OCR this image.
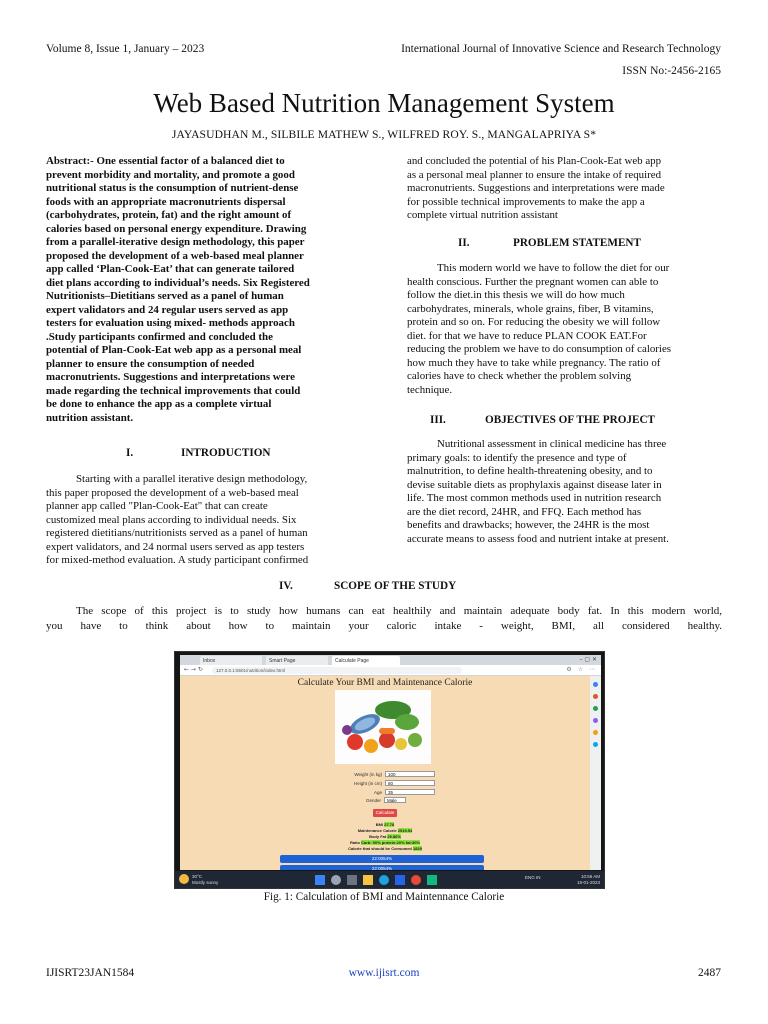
Volume 8, Issue 1, January – 2023	International Journal of Innovative Science and Research Technology
ISSN No:-2456-2165
Web Based Nutrition Management System
JAYASUDHAN M., SILBILE MATHEW S., WILFRED ROY. S., MANGALAPRIYA S*
Abstract:- One essential factor of a balanced diet to
prevent morbidity and mortality, and promote a good
nutritional status is the consumption of nutrient-dense
foods with an appropriate macronutrients dispersal
(carbohydrates, protein, fat) and the right amount of
calories based on personal energy expenditure. Drawing
from a parallel-iterative design methodology, this paper
proposed the development of a web-based meal planner
app called ‘Plan-Cook-Eat’ that can generate tailored
diet plans according to individual’s needs. Six Registered
Nutritionists–Dietitians served as a panel of human
expert validators and 24 regular users served as app
testers for evaluation using mixed- methods approach
.Study participants confirmed and concluded the
potential of Plan-Cook-Eat web app as a personal meal
planner to ensure the consumption of needed
macronutrients. Suggestions and interpretations were
made regarding the technical improvements that could
be done to enhance the app as a complete virtual
nutrition assistant.
I.	INTRODUCTION
Starting with a parallel iterative design methodology,
this paper proposed the development of a web-based meal
planner app called "Plan-Cook-Eat" that can create
customized meal plans according to individual needs. Six
registered dietitians/nutritionists served as a panel of human
expert validators, and 24 normal users served as app testers
for mixed-method evaluation. A study participant confirmed
and concluded the potential of his Plan-Cook-Eat web app
as a personal meal planner to ensure the intake of required
macronutrients. Suggestions and interpretations were made
for possible technical improvements to make the app a
complete virtual nutrition assistant
II.	PROBLEM STATEMENT
This modern world we have to follow the diet for our
health conscious. Further the pregnant women can able to
follow the diet.in this thesis we will do how much
carbohydrates, minerals, whole grains, fiber, B vitamins,
protein and so on. For reducing the obesity we will follow
diet. for that we have to reduce PLAN COOK EAT.For
reducing the problem we have to do consumption of calories
how much they have to take while pregnancy. The ratio of
calories have to check whether the problem solving
technique.
III.	OBJECTIVES OF THE PROJECT
Nutritional assessment in clinical medicine has three
primary goals: to identify the presence and type of
malnutrition, to define health-threatening obesity, and to
devise suitable diets as prophylaxis against disease later in
life. The most common methods used in nutrition research
are the diet record, 24HR, and FFQ. Each method has
benefits and drawbacks; however, the 24HR is the most
accurate means to assess food and nutrient intake at present.
IV.	SCOPE OF THE STUDY
The scope of this project is to study how humans can eat healthily and maintain adequate body fat. In this modern world,
you have to think about how to maintain your caloric intake - weight, BMI, all considered healthy.
Inbox	Smart Page	Calculate Page	– ▢ ✕
← → ↻	127.0.0.1:5501/nutrition/index.html	⚙ ☆ ⋯
Calculate Your BMI and Maintenance Calorie
Weight (in kg)	100
Height (in cm)	60
Age	35
Gender	Male
Calculate
BMI 27.78
Maintenance Calorie 2519.54
Body Fat 29.86%
Ratio Carb: 50% protein:20% fat:30%
Calorie that should be Consumed 1829
22:0054%
22:0054%
30°C
Mostly sunny
ENG IN	10:56 AM
18-01-2023
Fig. 1: Calculation of BMI and Maintennance Calorie
IJISRT23JAN1584	www.ijisrt.com	2487
